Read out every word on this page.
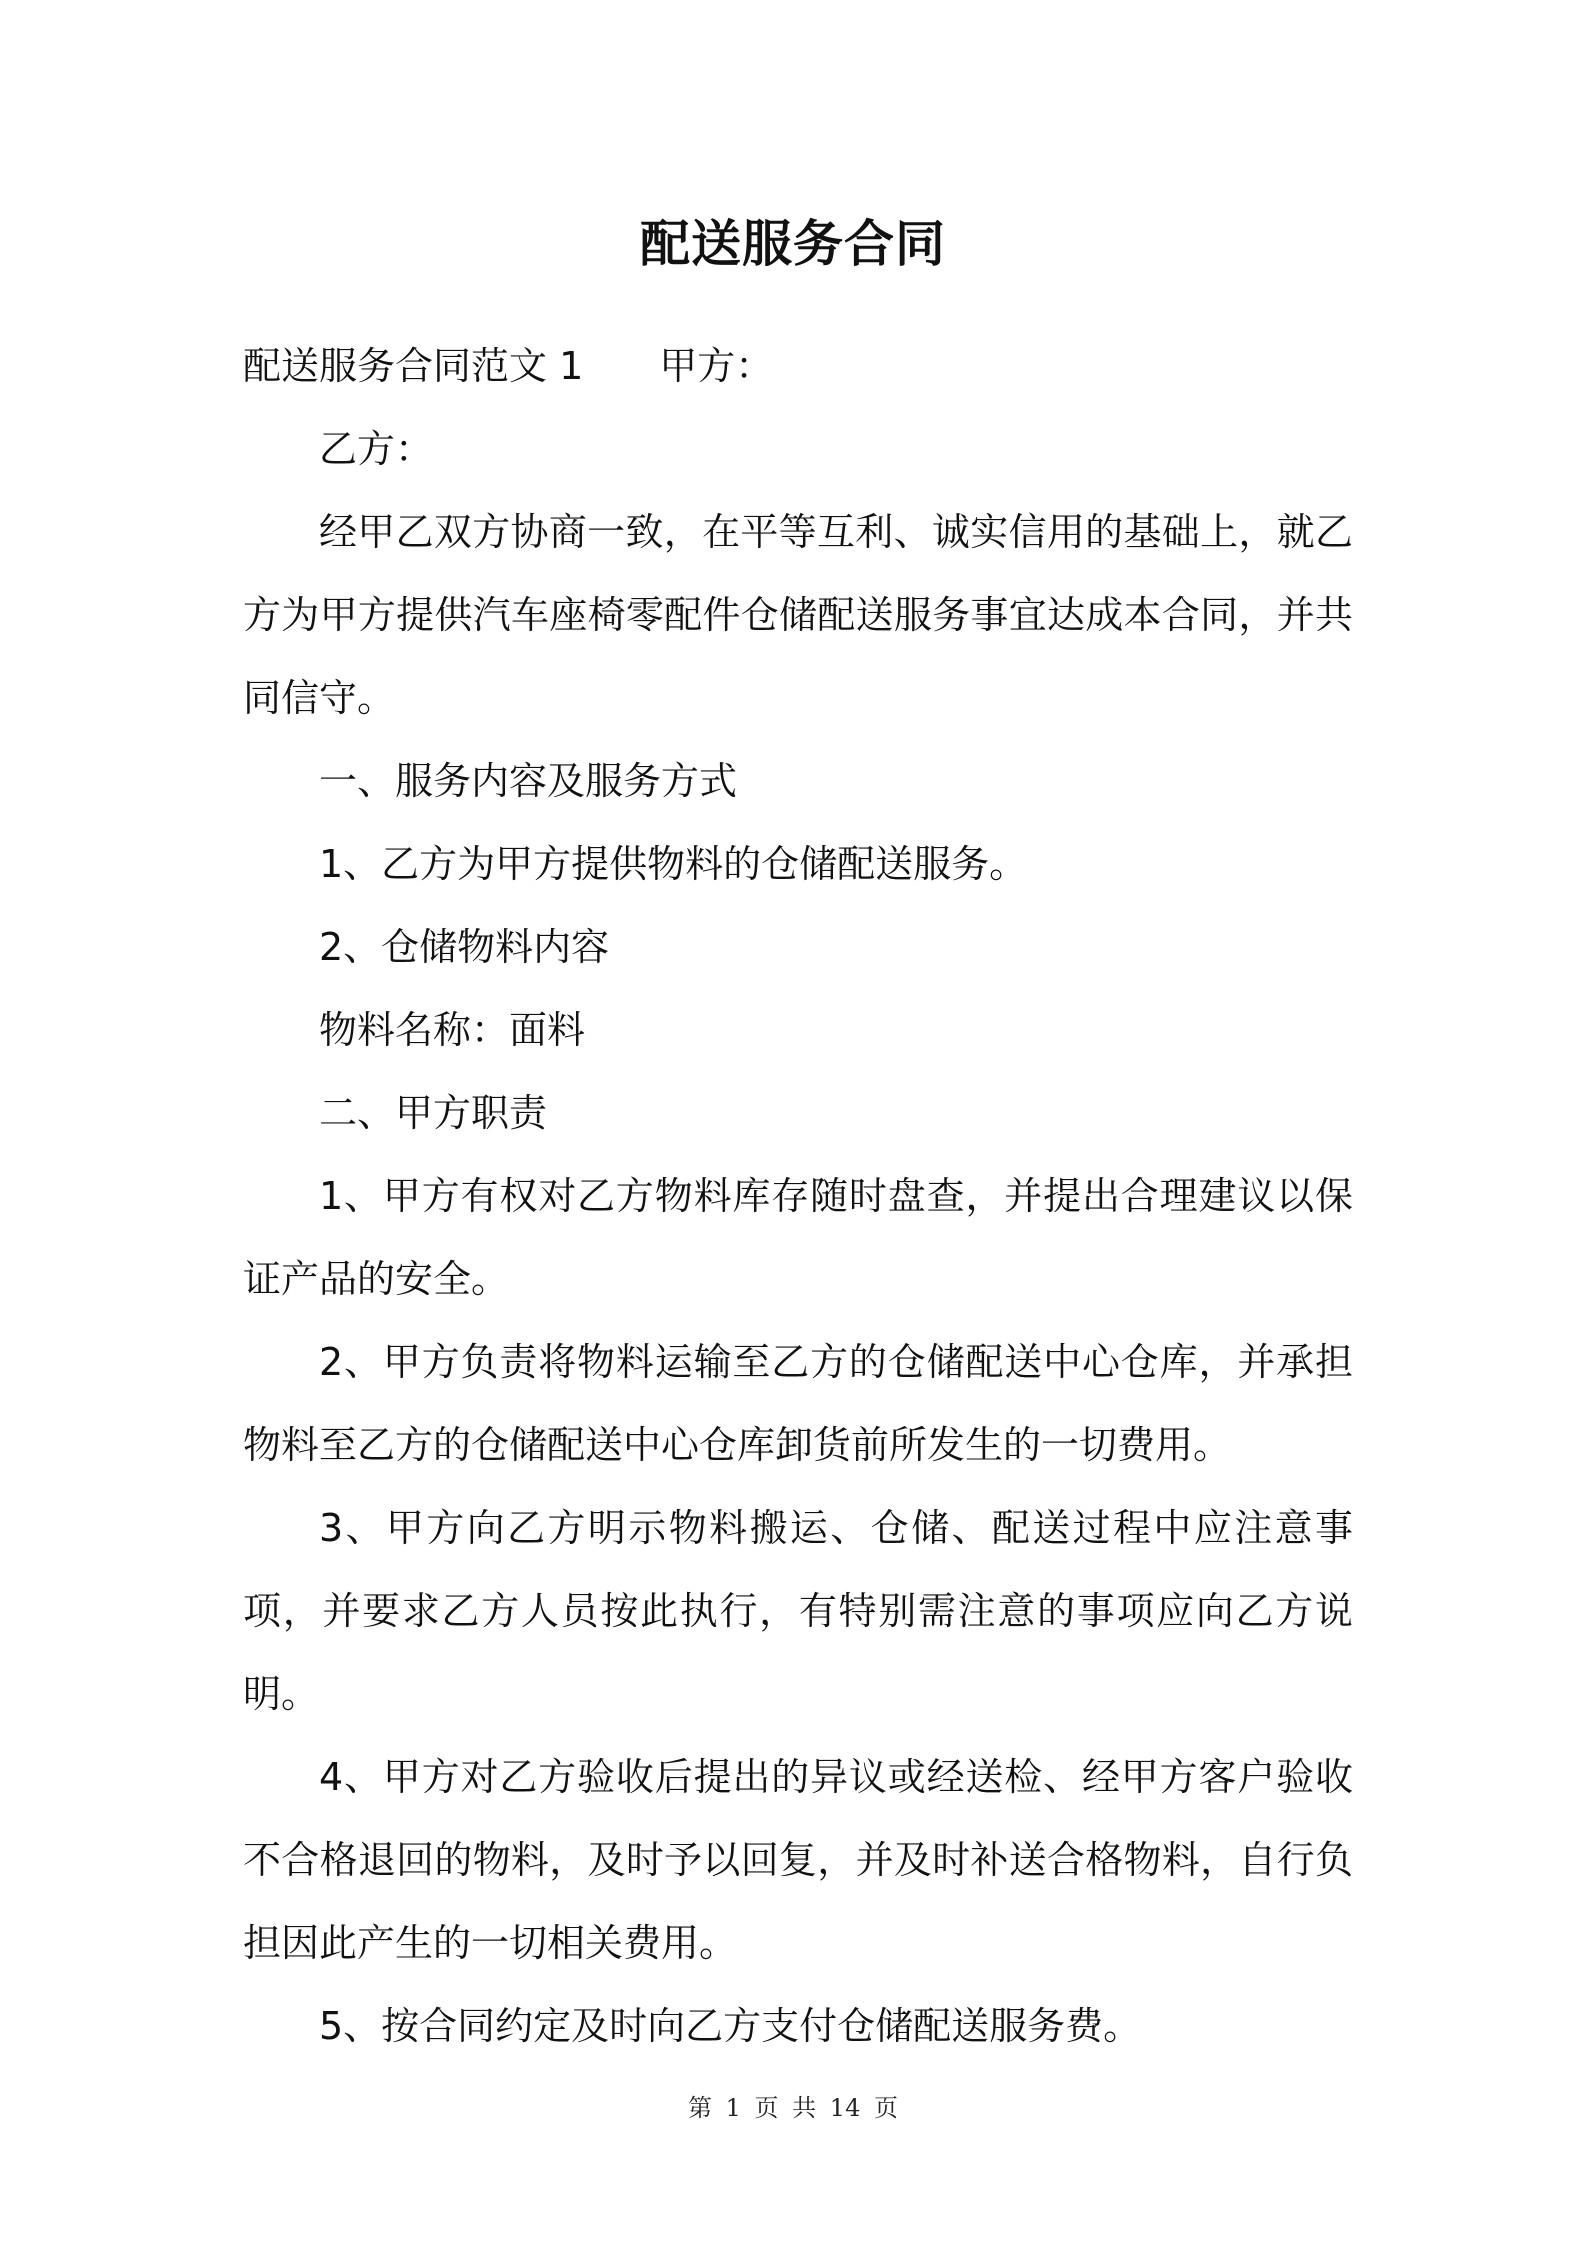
配送服务合同

配送服务合同范文 1 甲方：

乙方：

经甲乙双方协商一致，在平等互利、诚实信用的基础上，就乙方为甲方提供汽车座椅零配件仓储配送服务事宜达成本合同，并共同信守。

一、服务内容及服务方式

1、乙方为甲方提供物料的仓储配送服务。

2、仓储物料内容

物料名称：面料

二、甲方职责

1、甲方有权对乙方物料库存随时盘查，并提出合理建议以保证产品的安全。

2、甲方负责将物料运输至乙方的仓储配送中心仓库，并承担物料至乙方的仓储配送中心仓库卸货前所发生的一切费用。

3、甲方向乙方明示物料搬运、仓储、配送过程中应注意事项，并要求乙方人员按此执行，有特别需注意的事项应向乙方说明。

4、甲方对乙方验收后提出的异议或经送检、经甲方客户验收不合格退回的物料，及时予以回复，并及时补送合格物料，自行负担因此产生的一切相关费用。

5、按合同约定及时向乙方支付仓储配送服务费。

第 1 页 共 14 页
